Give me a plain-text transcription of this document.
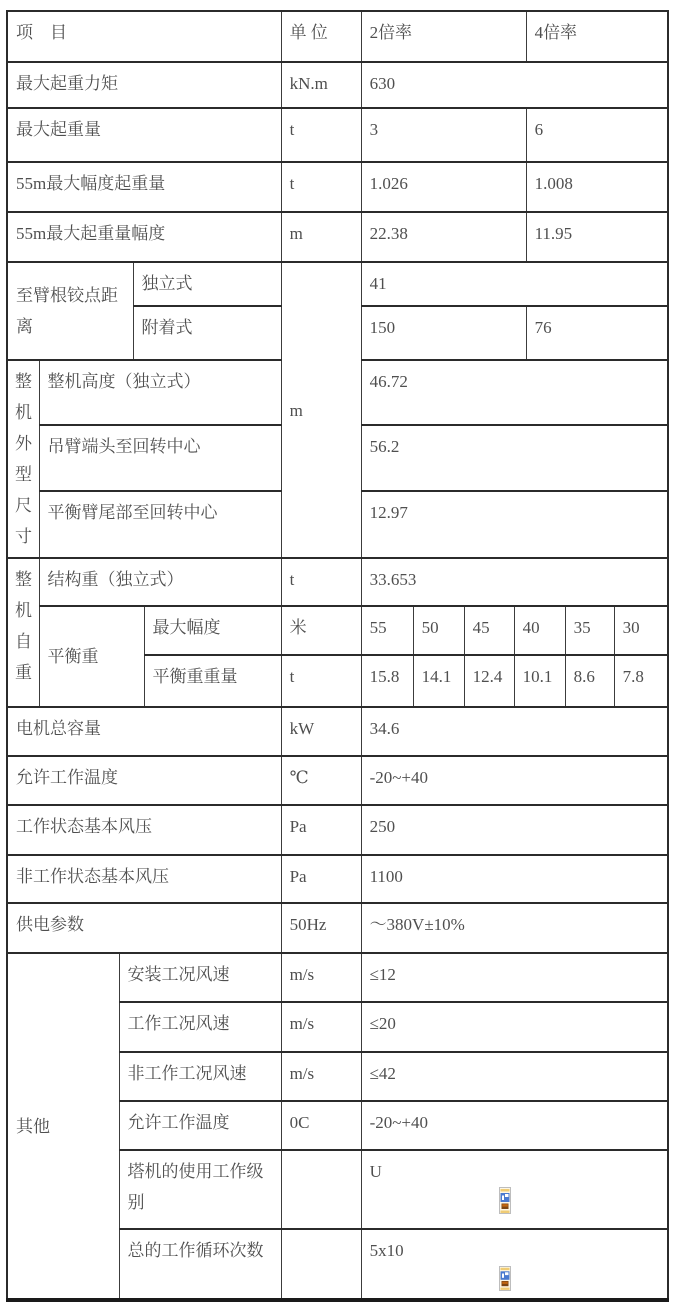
项　目					单 位	2倍率				4倍率		
最大起重力矩					kN.m	630						
最大起重量					t	3				6		
55m最大幅度起重量					t	1.026				1.008		
55m最大起重量幅度					m	22.38				11.95		
至臂根铰点距离			独立式		m	41						
			附着式			150				76		
整机外型尺寸	整机高度（独立式）					46.72						
	吊臂端头至回转中心					56.2						
	平衡臂尾部至回转中心					12.97						
整机自重	结构重（独立式）				t	33.653						
	平衡重			最大幅度	米	55	50	45	40		35	30
				平衡重重量	t	15.8	14.1	12.4	10.1		8.6	7.8
电机总容量					kW	34.6						
允许工作温度					℃	-20~+40						
工作状态基本风压					Pa	250						
非工作状态基本风压					Pa	1100						
供电参数					50Hz	～380V±10%						
其他		安装工况风速			m/s	≤12						
		工作工况风速			m/s	≤20						
		非工作工况风速			m/s	≤42						
		允许工作温度			0C	-20~+40						
		塔机的使用工作级别				U						

		总的工作循环次数				5x10						
